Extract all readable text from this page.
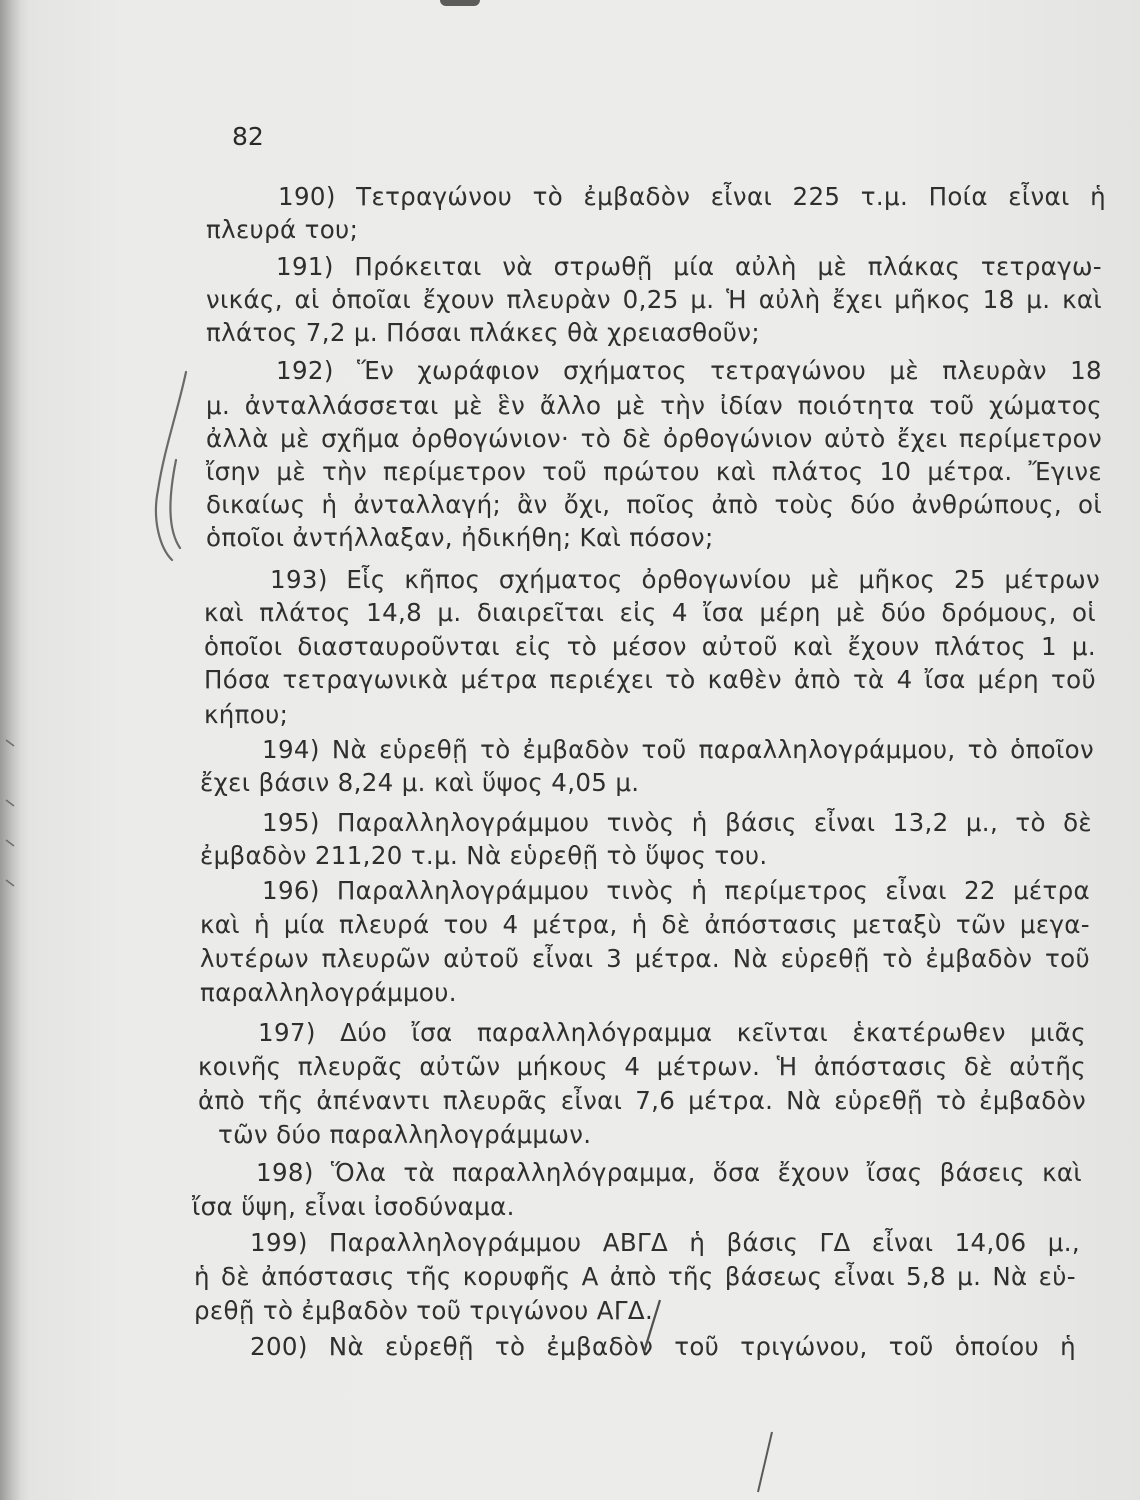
82
190) Τετραγώνου τὸ ἐμβαδὸν εἶναι 225 τ.μ. Ποία εἶναι ἡ
πλευρά του;
191) Πρόκειται νὰ στρωθῇ μία αὐλὴ μὲ πλάκας τετραγω-
νικάς, αἱ ὁποῖαι ἔχουν πλευρὰν 0,25 μ. Ἡ αὐλὴ ἔχει μῆκος 18 μ. καὶ
πλάτος 7,2 μ. Πόσαι πλάκες θὰ χρειασθοῦν;
192) Ἕν χωράφιον σχήματος τετραγώνου μὲ πλευρὰν 18
μ. ἀνταλλάσσεται μὲ ἓν ἄλλο μὲ τὴν ἰδίαν ποιότητα τοῦ χώματος
ἀλλὰ μὲ σχῆμα ὀρθογώνιον· τὸ δὲ ὀρθογώνιον αὐτὸ ἔχει περίμετρον
ἴσην μὲ τὴν περίμετρον τοῦ πρώτου καὶ πλάτος 10 μέτρα. Ἔγινε
δικαίως ἡ ἀνταλλαγή; ἂν ὄχι, ποῖος ἀπὸ τοὺς δύο ἀνθρώπους, οἱ
ὁποῖοι ἀντήλλαξαν, ἠδικήθη; Καὶ πόσον;
193) Εἷς κῆπος σχήματος ὀρθογωνίου μὲ μῆκος 25 μέτρων
καὶ πλάτος 14,8 μ. διαιρεῖται εἰς 4 ἴσα μέρη μὲ δύο δρόμους, οἱ
ὁποῖοι διασταυροῦνται εἰς τὸ μέσον αὐτοῦ καὶ ἔχουν πλάτος 1 μ.
Πόσα τετραγωνικὰ μέτρα περιέχει τὸ καθὲν ἀπὸ τὰ 4 ἴσα μέρη τοῦ
κήπου;
194) Νὰ εὑρεθῇ τὸ ἐμβαδὸν τοῦ παραλληλογράμμου, τὸ ὁποῖον
ἔχει βάσιν 8,24 μ. καὶ ὕψος 4,05 μ.
195) Παραλληλογράμμου τινὸς ἡ βάσις εἶναι 13,2 μ., τὸ δὲ
ἐμβαδὸν 211,20 τ.μ. Νὰ εὑρεθῇ τὸ ὕψος του.
196) Παραλληλογράμμου τινὸς ἡ περίμετρος εἶναι 22 μέτρα
καὶ ἡ μία πλευρά του 4 μέτρα, ἡ δὲ ἀπόστασις μεταξὺ τῶν μεγα-
λυτέρων πλευρῶν αὐτοῦ εἶναι 3 μέτρα. Νὰ εὑρεθῇ τὸ ἐμβαδὸν τοῦ
παραλληλογράμμου.
197) Δύο ἴσα παραλληλόγραμμα κεῖνται ἑκατέρωθεν μιᾶς
κοινῆς πλευρᾶς αὐτῶν μήκους 4 μέτρων. Ἡ ἀπόστασις δὲ αὐτῆς
ἀπὸ τῆς ἀπέναντι πλευρᾶς εἶναι 7,6 μέτρα. Νὰ εὑρεθῇ τὸ ἐμβαδὸν
τῶν δύο παραλληλογράμμων.
198) Ὅλα τὰ παραλληλόγραμμα, ὅσα ἔχουν ἴσας βάσεις καὶ
ἴσα ὕψη, εἶναι ἰσοδύναμα.
199) Παραλληλογράμμου ΑΒΓΔ ἡ βάσις ΓΔ εἶναι 14,06 μ.,
ἡ δὲ ἀπόστασις τῆς κορυφῆς Α ἀπὸ τῆς βάσεως εἶναι 5,8 μ. Νὰ εὑ-
ρεθῇ τὸ ἐμβαδὸν τοῦ τριγώνου ΑΓΔ.
200) Νὰ εὑρεθῇ τὸ ἐμβαδὸν τοῦ τριγώνου, τοῦ ὁποίου ἡ
